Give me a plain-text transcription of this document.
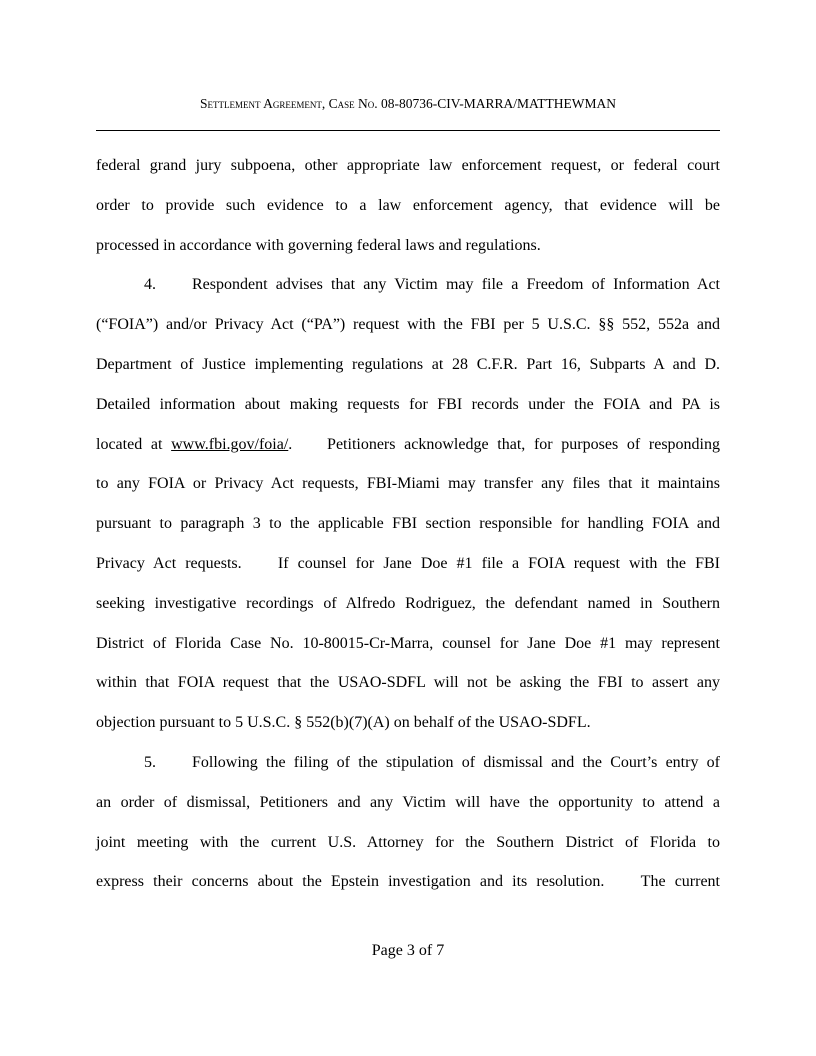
Settlement Agreement, Case No. 08-80736-CIV-MARRA/MATTHEWMAN
federal grand jury subpoena, other appropriate law enforcement request, or federal court
order to provide such evidence to a law enforcement agency, that evidence will be
processed in accordance with governing federal laws and regulations.
4. Respondent advises that any Victim may file a Freedom of Information Act
(“FOIA”) and/or Privacy Act (“PA”) request with the FBI per 5 U.S.C. §§ 552, 552a and
Department of Justice implementing regulations at 28 C.F.R. Part 16, Subparts A and D.
Detailed information about making requests for FBI records under the FOIA and PA is
located at www.fbi.gov/foia/.    Petitioners acknowledge that, for purposes of responding
to any FOIA or Privacy Act requests, FBI-Miami may transfer any files that it maintains
pursuant to paragraph 3 to the applicable FBI section responsible for handling FOIA and
Privacy Act requests.    If counsel for Jane Doe #1 file a FOIA request with the FBI
seeking investigative recordings of Alfredo Rodriguez, the defendant named in Southern
District of Florida Case No. 10-80015-Cr-Marra, counsel for Jane Doe #1 may represent
within that FOIA request that the USAO-SDFL will not be asking the FBI to assert any
objection pursuant to 5 U.S.C. § 552(b)(7)(A) on behalf of the USAO-SDFL.
5. Following the filing of the stipulation of dismissal and the Court’s entry of
an order of dismissal, Petitioners and any Victim will have the opportunity to attend a
joint meeting with the current U.S. Attorney for the Southern District of Florida to
express their concerns about the Epstein investigation and its resolution.    The current
Page 3 of 7
